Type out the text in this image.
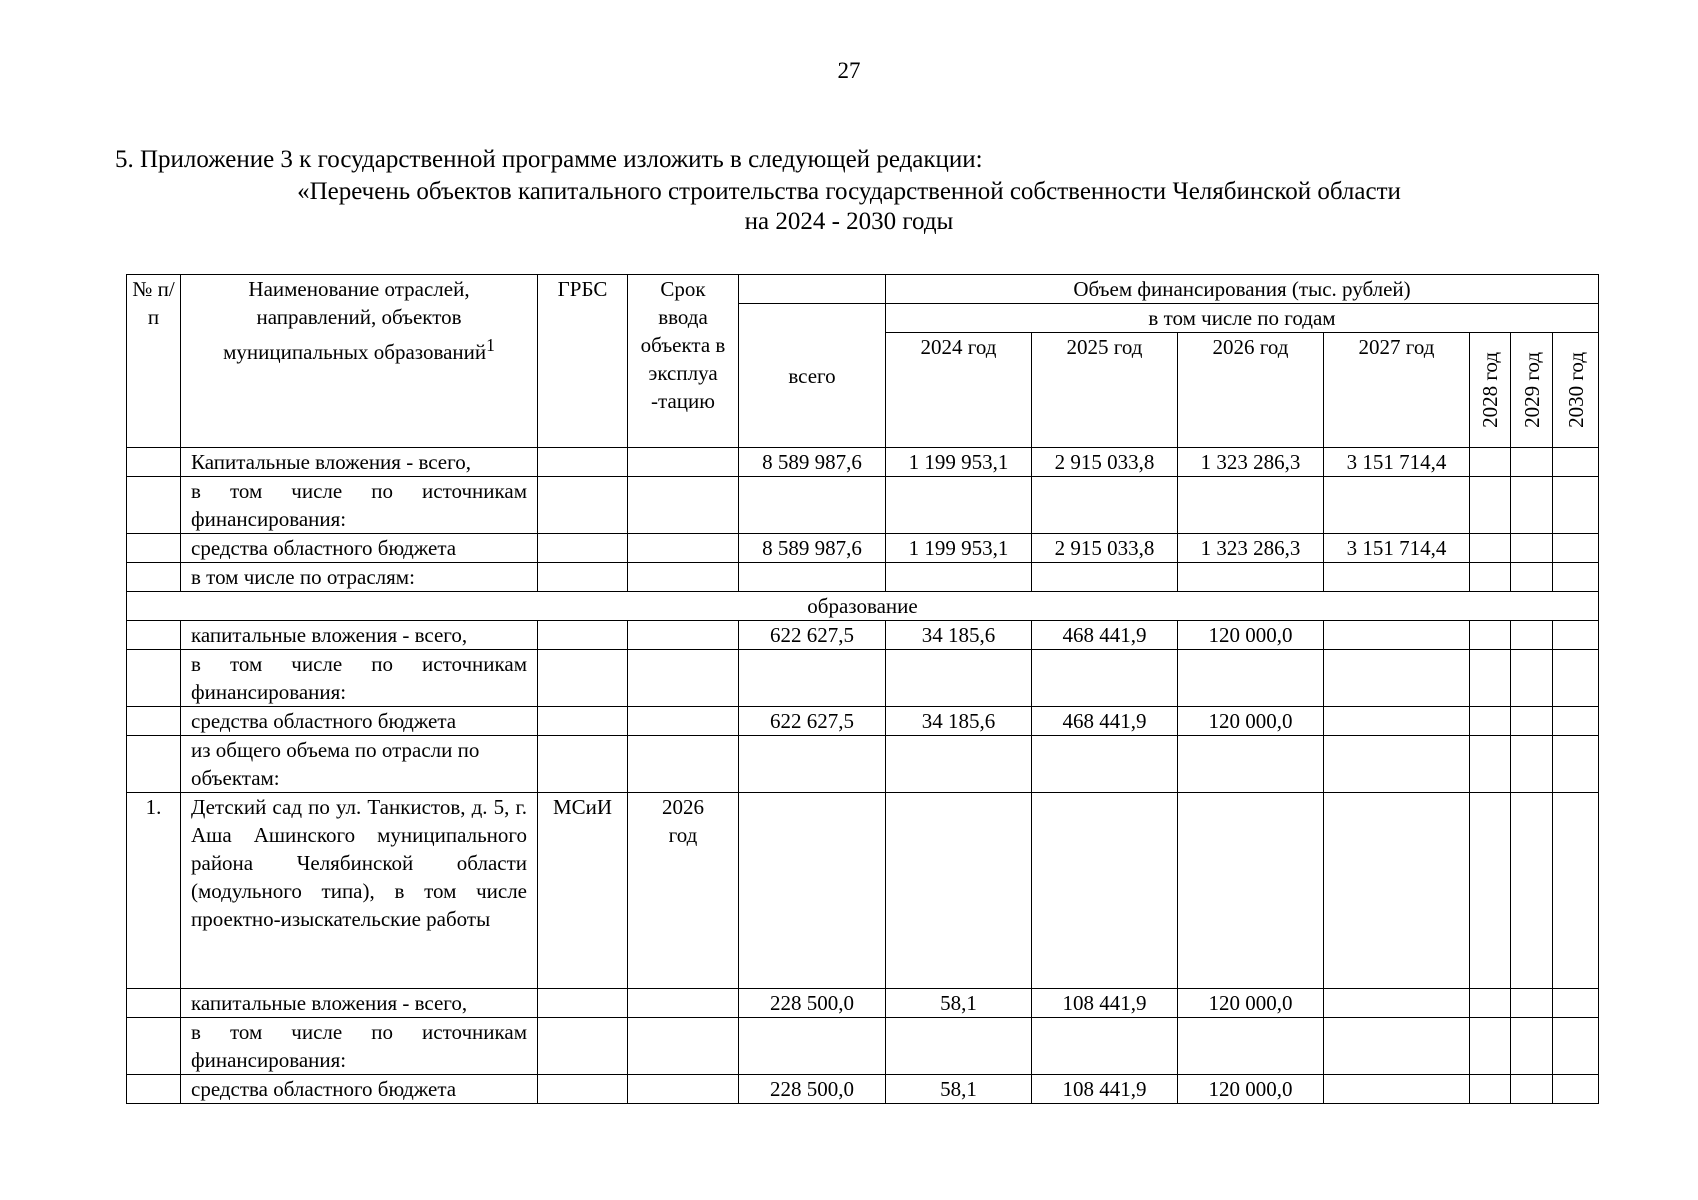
27
5. Приложение 3 к государственной программе изложить в следующей редакции:
«Перечень объектов капитального строительства государственной собственности Челябинской области
на 2024 - 2030 годы
№ п/ п	Наименование отраслей, направлений, объектов муниципальных образований$^1$	ГРБС	Срок ввода объекта в эксплуа -тацию		Объем финансирования (тыс. рублей)						
				всего	в том числе по годам						
					2024 год	2025 год	2026 год	2027 год	2028 год	2029 год	2030 год

	Капитальные вложения - всего,			8 589 987,6	1 199 953,1	2 915 033,8	1 323 286,3	3 151 714,4			
	в том числе по источникам финансирования:										
	средства областного бюджета			8 589 987,6	1 199 953,1	2 915 033,8	1 323 286,3	3 151 714,4			
	в том числе по отраслям:										
образование											
	капитальные вложения - всего,			622 627,5	34 185,6	468 441,9	120 000,0				
	в том числе по источникам финансирования:										
	средства областного бюджета			622 627,5	34 185,6	468 441,9	120 000,0				
	из общего объема по отрасли по объектам:										
1.	Детский сад по ул. Танкистов, д. 5, г. Аша Ашинского муниципального района Челябинской области (модульного типа), в том числе проектно-изыскательские работы	МСиИ	2026 год								
	капитальные вложения - всего,			228 500,0	58,1	108 441,9	120 000,0				
	в том числе по источникам финансирования:										
	средства областного бюджета			228 500,0	58,1	108 441,9	120 000,0				
